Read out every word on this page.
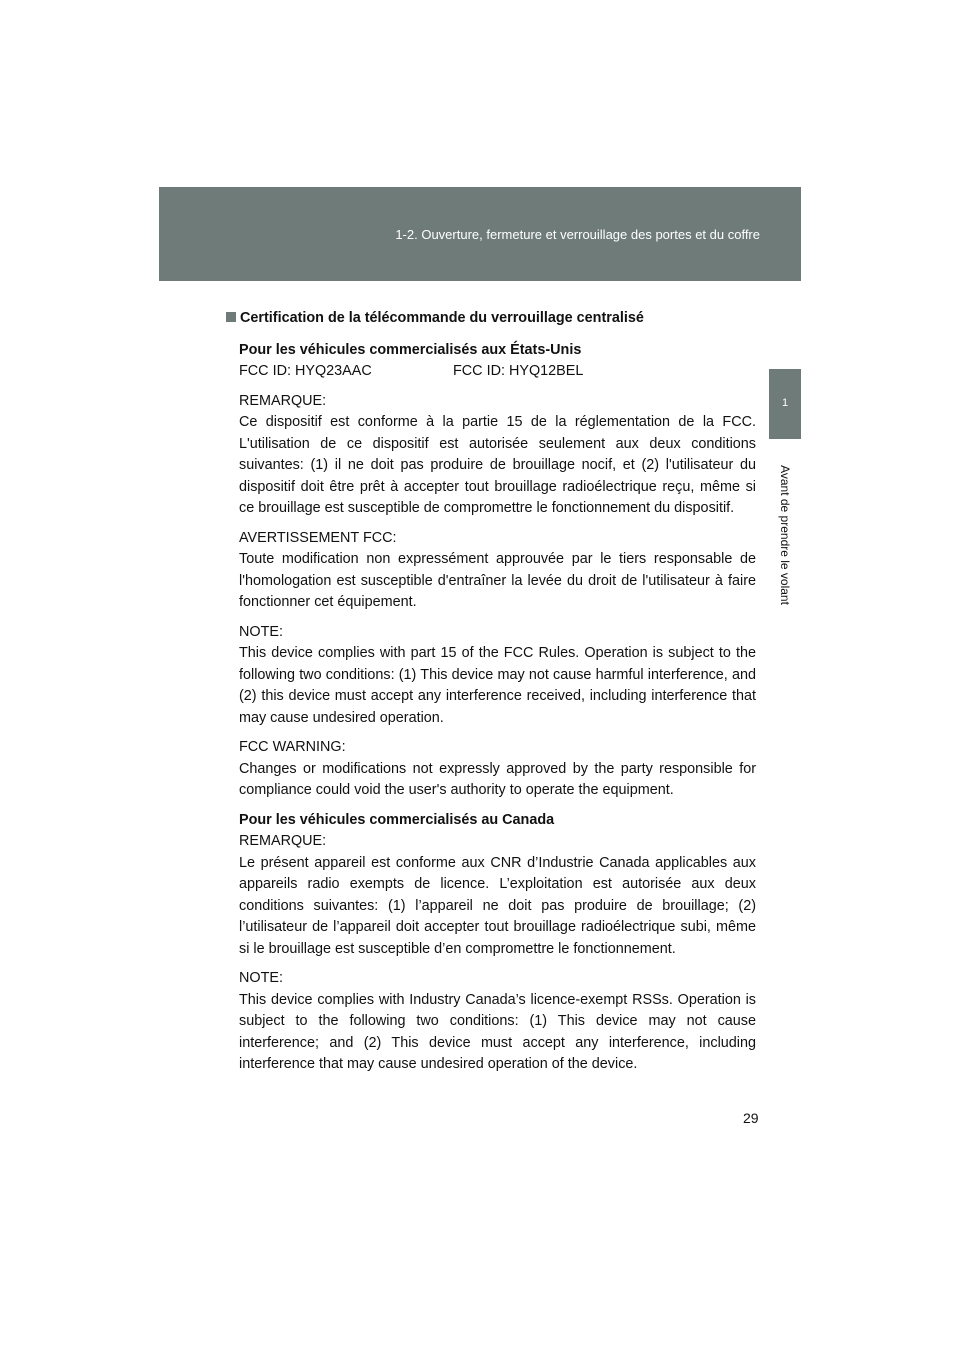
1-2. Ouverture, fermeture et verrouillage des portes et du coffre
1
Avant de prendre le volant
Certification de la télécommande du verrouillage centralisé
Pour les véhicules commercialisés aux États-Unis
FCC ID: HYQ23AAC	FCC ID: HYQ12BEL
REMARQUE:
Ce dispositif est conforme à la partie 15 de la réglementation de la FCC. L'utilisation de ce dispositif est autorisée seulement aux deux conditions suivantes: (1) il ne doit pas produire de brouillage nocif, et (2) l'utilisateur du dispositif doit être prêt à accepter tout brouillage radioélectrique reçu, même si ce brouillage est susceptible de compromettre le fonctionnement du dispositif.
AVERTISSEMENT FCC:
Toute modification non expressément approuvée par le tiers responsable de l'homologation est susceptible d'entraîner la levée du droit de l'utilisateur à faire fonctionner cet équipement.
NOTE:
This device complies with part 15 of the FCC Rules. Operation is subject to the following two conditions: (1) This device may not cause harmful interference, and (2) this device must accept any interference received, including interference that may cause undesired operation.
FCC WARNING:
Changes or modifications not expressly approved by the party responsible for compliance could void the user's authority to operate the equipment.
Pour les véhicules commercialisés au Canada
REMARQUE:
Le présent appareil est conforme aux CNR d’Industrie Canada applicables aux appareils radio exempts de licence. L’exploitation est autorisée aux deux conditions suivantes: (1) l’appareil ne doit pas produire de brouillage; (2) l’utilisateur de l’appareil doit accepter tout brouillage radioélectrique subi, même si le brouillage est susceptible d’en compromettre le fonctionnement.
NOTE:
This device complies with Industry Canada’s licence-exempt RSSs. Operation is subject to the following two conditions: (1) This device may not cause interference; and (2) This device must accept any interference, including interference that may cause undesired operation of the device.
29
